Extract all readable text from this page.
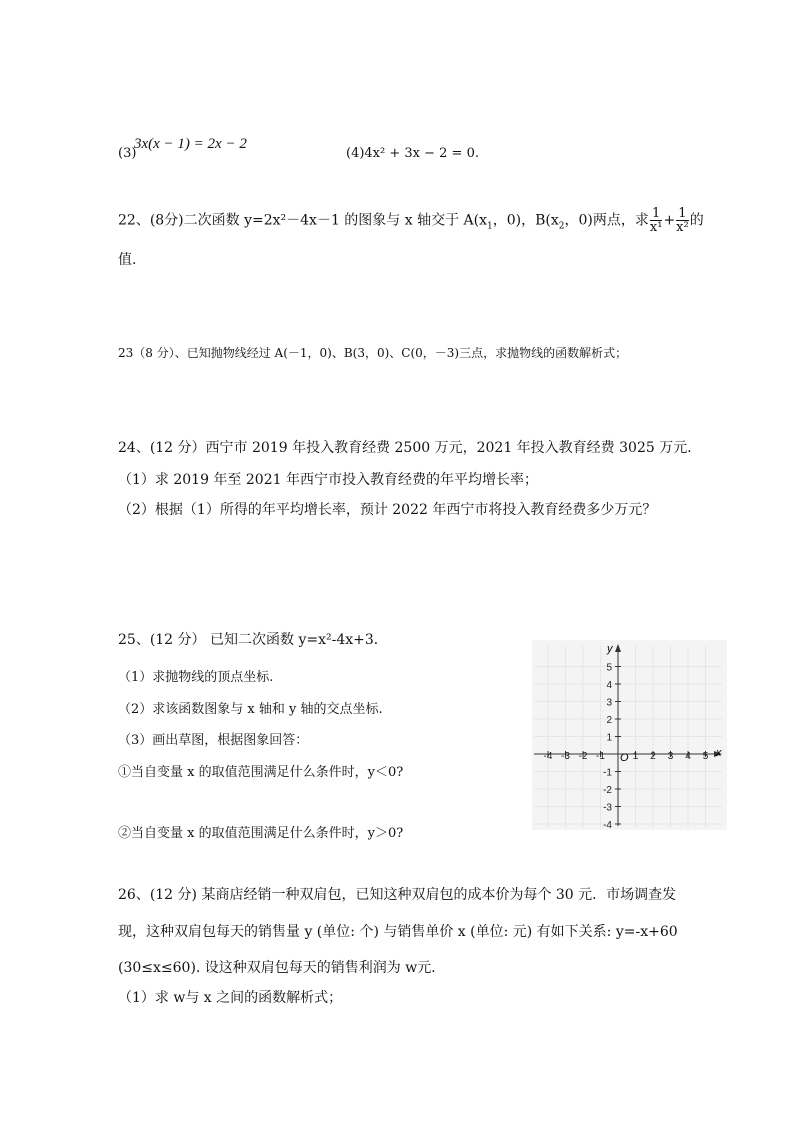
(3)
3x(x − 1) = 2x − 2
(4)4x² + 3x − 2 = 0.
22、(8分)二次函数 y=2x²－4x－1 的图象与 x 轴交于 $A(x_1$，0)，$B(x_2$，0)两点，求 $\frac{1}{\text{x¹}} + \frac{1}{\text{x²}}$ 的
值.
23（8 分）、已知抛物线经过 A(－1，0)、B(3，0)、C(0，－3)三点，求抛物线的函数解析式；
24、(12 分）西宁市 2019 年投入教育经费 2500 万元，2021 年投入教育经费 3025 万元．
（1）求 2019 年至 2021 年西宁市投入教育经费的年平均增长率；
（2）根据（1）所得的年平均增长率，预计 2022 年西宁市将投入教育经费多少万元？
25、(12 分） 已知二次函数 y=x²-4x+3．
（1）求抛物线的顶点坐标.
（2）求该函数图象与 x 轴和 y 轴的交点坐标.
（3）画出草图，根据图象回答：
①当自变量 x 的取值范围满足什么条件时，y＜0?
②当自变量 x 的取值范围满足什么条件时，y＞0?
y
x
O
-4 -3 -2 -1	1 2 3 4 5
5
4
3
2
1
-1
-2
-3
-4
26、(12 分) 某商店经销一种双肩包，已知这种双肩包的成本价为每个 30 元．市场调查发
现，这种双肩包每天的销售量 y (单位: 个) 与销售单价 x (单位: 元) 有如下关系: y=-x+60
(30≤x≤60). 设这种双肩包每天的销售利润为 w元．
（1）求 w与 x 之间的函数解析式；
